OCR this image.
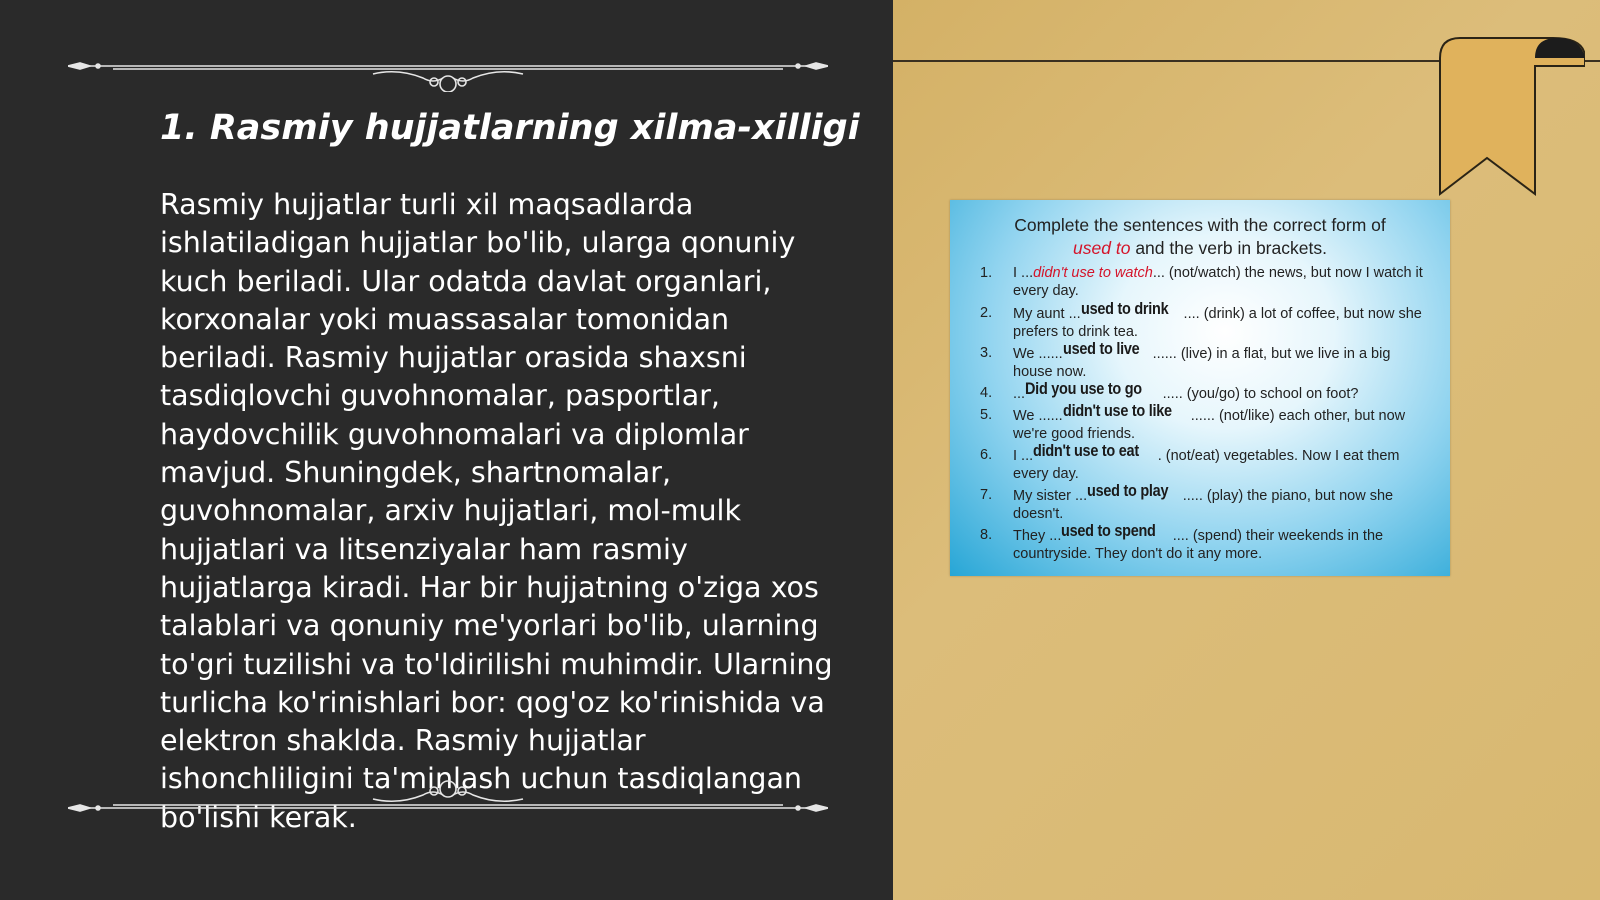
1. Rasmiy hujjatlarning xilma-xilligi

Rasmiy hujjatlar turli xil maqsadlarda ishlatiladigan hujjatlar bo'lib, ularga qonuniy kuch beriladi. Ular odatda davlat organlari, korxonalar yoki muassasalar tomonidan beriladi. Rasmiy hujjatlar orasida shaxsni tasdiqlovchi guvohnomalar, pasportlar, haydovchilik guvohnomalari va diplomlar mavjud. Shuningdek, shartnomalar, guvohnomalar, arxiv hujjatlari, mol-mulk hujjatlari va litsenziyalar ham rasmiy hujjatlarga kiradi. Har bir hujjatning o'ziga xos talablari va qonuniy me'yorlari bo'lib, ularning to'gri tuzilishi va to'ldirilishi muhimdir. Ularning turlicha ko'rinishlari bor: qog'oz ko'rinishida va elektron shaklda. Rasmiy hujjatlar ishonchliligini ta'minlash uchun tasdiqlangan bo'lishi kerak.

Complete the sentences with the correct form of
used to and the verb in brackets.
1.	I ...didn't use to watch... (not/watch) the news, but now I watch it every day.
2.	My aunt ...used to drink .... (drink) a lot of coffee, but now she prefers to drink tea.
3.	We ......used to live ...... (live) in a flat, but we live in a big house now.
4.	...Did you use to go ..... (you/go) to school on foot?
5.	We ......didn't use to like ...... (not/like) each other, but now we're good friends.
6.	I ...didn't use to eat . (not/eat) vegetables. Now I eat them every day.
7.	My sister ...used to play ..... (play) the piano, but now she doesn't.
8.	They ...used to spend .... (spend) their weekends in the countryside. They don't do it any more.
